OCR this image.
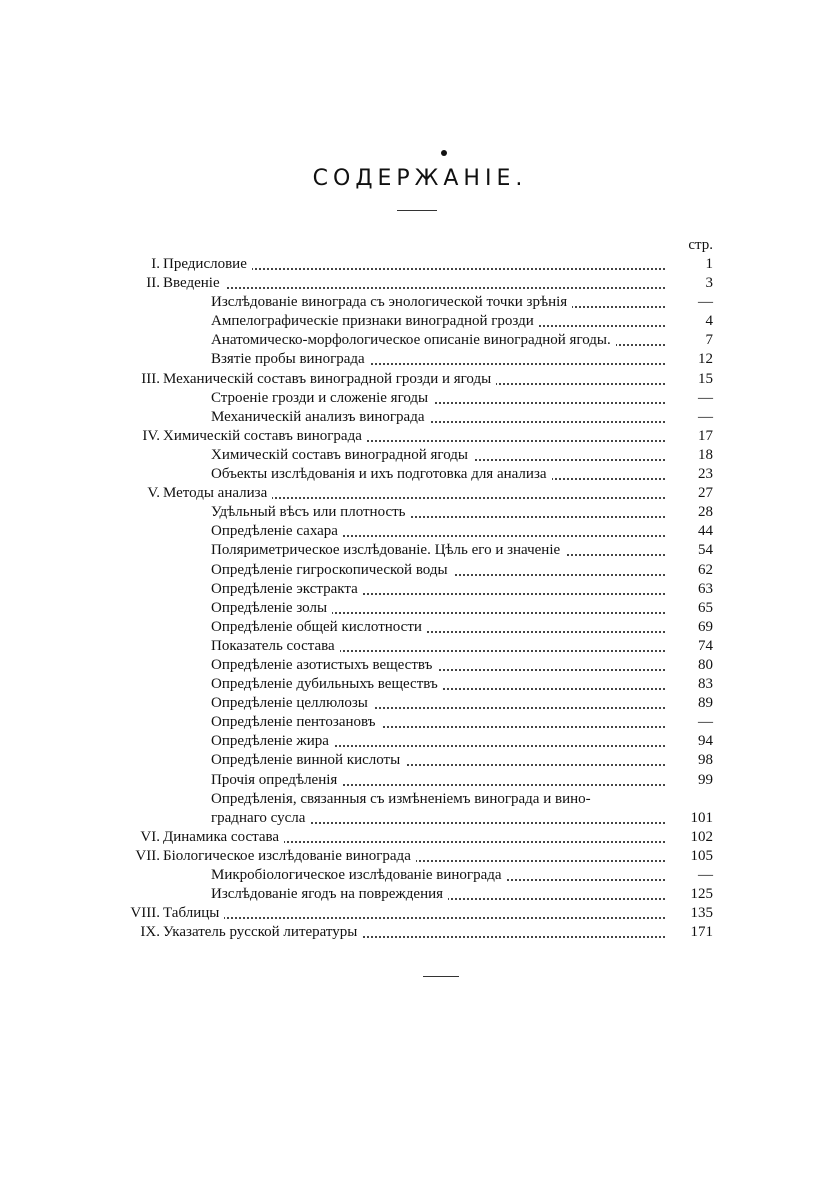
СОДЕРЖАНIЕ.
стр.
I. Предисловие	1
II. Введенiе	3
Изслѣдованiе винограда съ энологической точки зрѣнiя	—
Ампелографическiе признаки виноградной грозди	4
Анатомическо-морфологическое описанiе виноградной ягоды.	7
Взятiе пробы винограда	12
III. Механическiй составъ виноградной грозди и ягоды	15
Строенiе грозди и сложенiе ягоды	—
Механическiй анализъ винограда	—
IV. Химическiй составъ винограда	17
Химическiй составъ виноградной ягоды	18
Объекты изслѣдованiя и ихъ подготовка для анализа	23
V. Методы анализа	27
Удѣльный вѣсъ или плотность	28
Опредѣленiе сахара	44
Поляриметрическое изслѣдованiе. Цѣль его и значенiе	54
Опредѣленiе гигроскопической воды	62
Опредѣленiе экстракта	63
Опредѣленiе золы	65
Опредѣленiе общей кислотности	69
Показатель состава	74
Опредѣленiе азотистыхъ веществъ	80
Опредѣленiе дубильныхъ веществъ	83
Опредѣленiе целлюлозы	89
Опредѣленiе пентозановъ	—
Опредѣленiе жира	94
Опредѣленiе винной кислоты	98
Прочiя опредѣленiя	99
Опредѣленiя, связанныя съ измѣненiемъ винограда и вино-
граднаго сусла	101
VI. Динамика состава	102
VII. Бiологическое изслѣдованiе винограда	105
Микробiологическое изслѣдованiе винограда	—
Изслѣдованiе ягодъ на повреждения	125
VIII. Таблицы	135
IX. Указатель русской литературы	171
